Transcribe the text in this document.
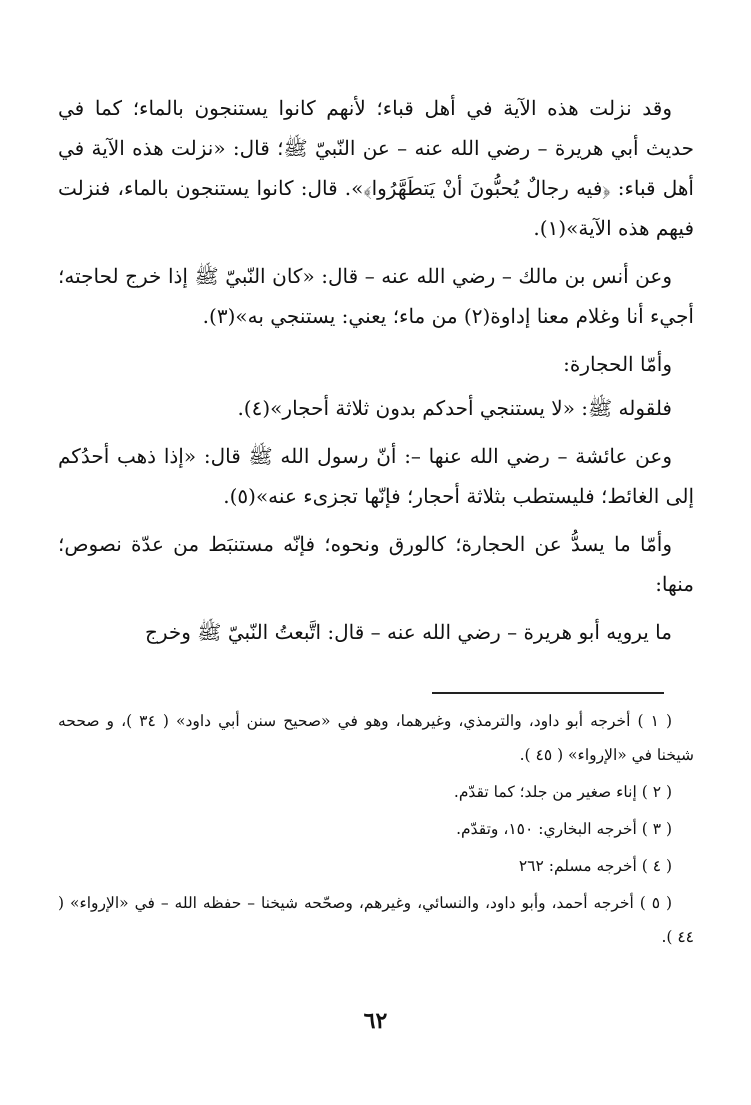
وقد نزلت هذه الآية في أهل قباء؛ لأنهم كانوا يستنجون بالماء؛ كما في حديث أبي هريرة – رضي الله عنه – عن النّبيّ ﷺ؛ قال: «نزلت هذه الآية في أهل قباء: ﴿فيه رجالٌ يُحبُّونَ أنْ يَتطَهَّرُوا﴾». قال: كانوا يستنجون بالماء، فنزلت فيهم هذه الآية»(١).

وعن أنس بن مالك – رضي الله عنه – قال: «كان النّبيّ ﷺ إذا خرج لحاجته؛ أجيء أنا وغلام معنا إداوة(٢) من ماء؛ يعني: يستنجي به»(٣).

وأمّا الحجارة:

فلقوله ﷺ: «لا يستنجي أحدكم بدون ثلاثة أحجار»(٤).

وعن عائشة – رضي الله عنها –: أنّ رسول الله ﷺ قال: «إذا ذهب أحدُكم إلى الغائط؛ فليستطب بثلاثة أحجار؛ فإنّها تجزىء عنه»(٥).

وأمّا ما يسدُّ عن الحجارة؛ كالورق ونحوه؛ فإنّه مستنبَط من عدّة نصوص؛ منها:

ما يرويه أبو هريرة – رضي الله عنه – قال: اتَّبعتُ النّبيّ ﷺ وخرج

( ١ ) أخرجه أبو داود، والترمذي، وغيرهما، وهو في «صحيح سنن أبي داود» ( ٣٤ )، و صححه شيخنا في «الإرواء» ( ٤٥ ).

( ٢ ) إناء صغير من جلد؛ كما تقدّم.

( ٣ ) أخرجه البخاري: ١٥٠، وتقدّم.

( ٤ ) أخرجه مسلم: ٢٦٢

( ٥ ) أخرجه أحمد، وأبو داود، والنسائي، وغيرهم، وصحّحه شيخنا – حفظه الله – في «الإرواء» ( ٤٤ ).

٦٢
